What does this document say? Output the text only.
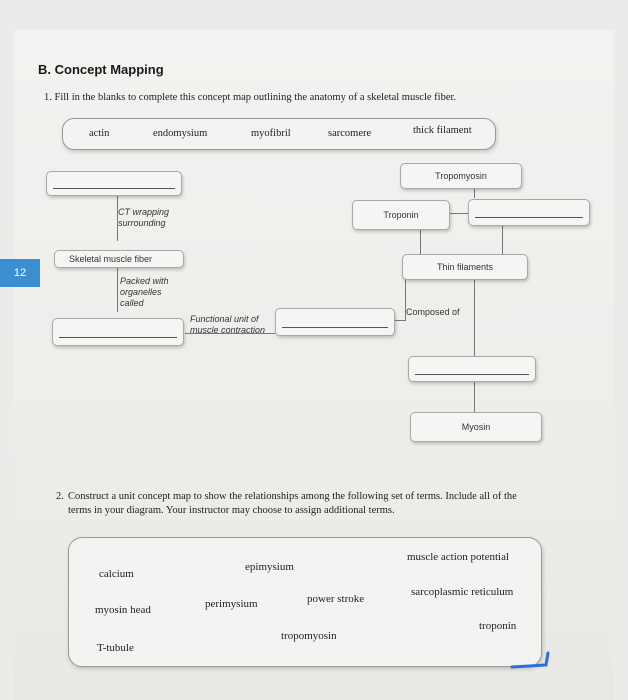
12
B. Concept Mapping
1. Fill in the blanks to complete this concept map outlining the anatomy of a skeletal muscle fiber.
actin	endomysium	myofibril	sarcomere	thick filament
CT wrapping surrounding
Skeletal muscle fiber
Packed with organelles called
Functional unit of muscle contraction
Tropomyosin
Troponin
Thin filaments
Composed of
Myosin
2. Construct a unit concept map to show the relationships among the following set of terms. Include all of the terms in your diagram. Your instructor may choose to assign additional terms.
calcium
epimysium
muscle action potential
myosin head	perimysium	power stroke
sarcoplasmic reticulum
T-tubule
tropomyosin
troponin
